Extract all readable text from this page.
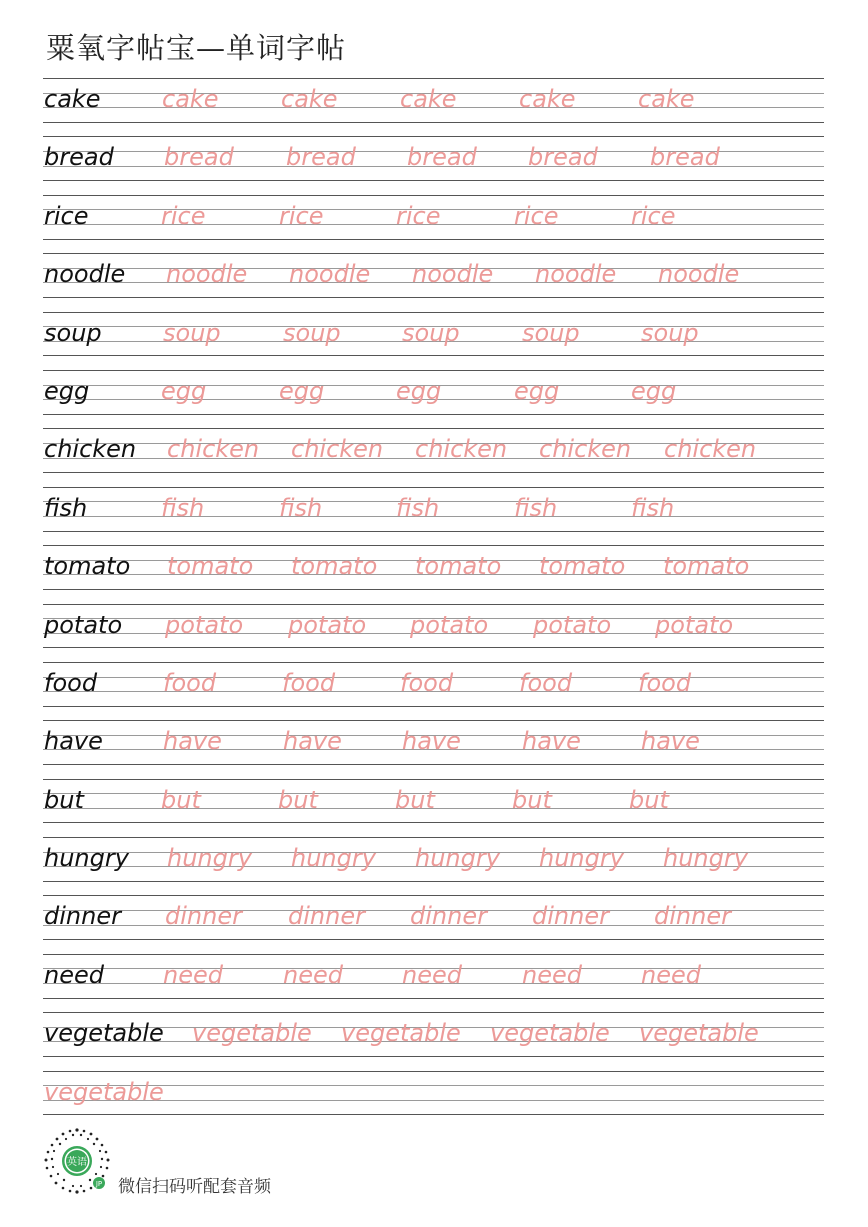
粟氧字帖宝—单词字帖
cake	cake	cake	cake	cake	cake
bread bread bread bread bread bread
rice	rice	rice	rice	rice	rice
noodle noodle noodle noodle noodle noodle
soup	soup	soup	soup	soup	soup
egg	egg	egg	egg	egg	egg
chicken chicken chicken chicken chicken chicken
fish	fish	fish	fish	fish	fish
tomato tomato tomato tomato tomato tomato
potato potato potato potato potato potato
food	food	food	food	food	food
have	have	have	have	have	have
but	but	but	but	but	but
hungry hungry hungry hungry hungry hungry
dinner dinner dinner dinner dinner dinner
need need	need need	need need
vegetable vegetable vegetable vegetable vegetable
vegetable
英语
JP 微信扫码听配套音频
